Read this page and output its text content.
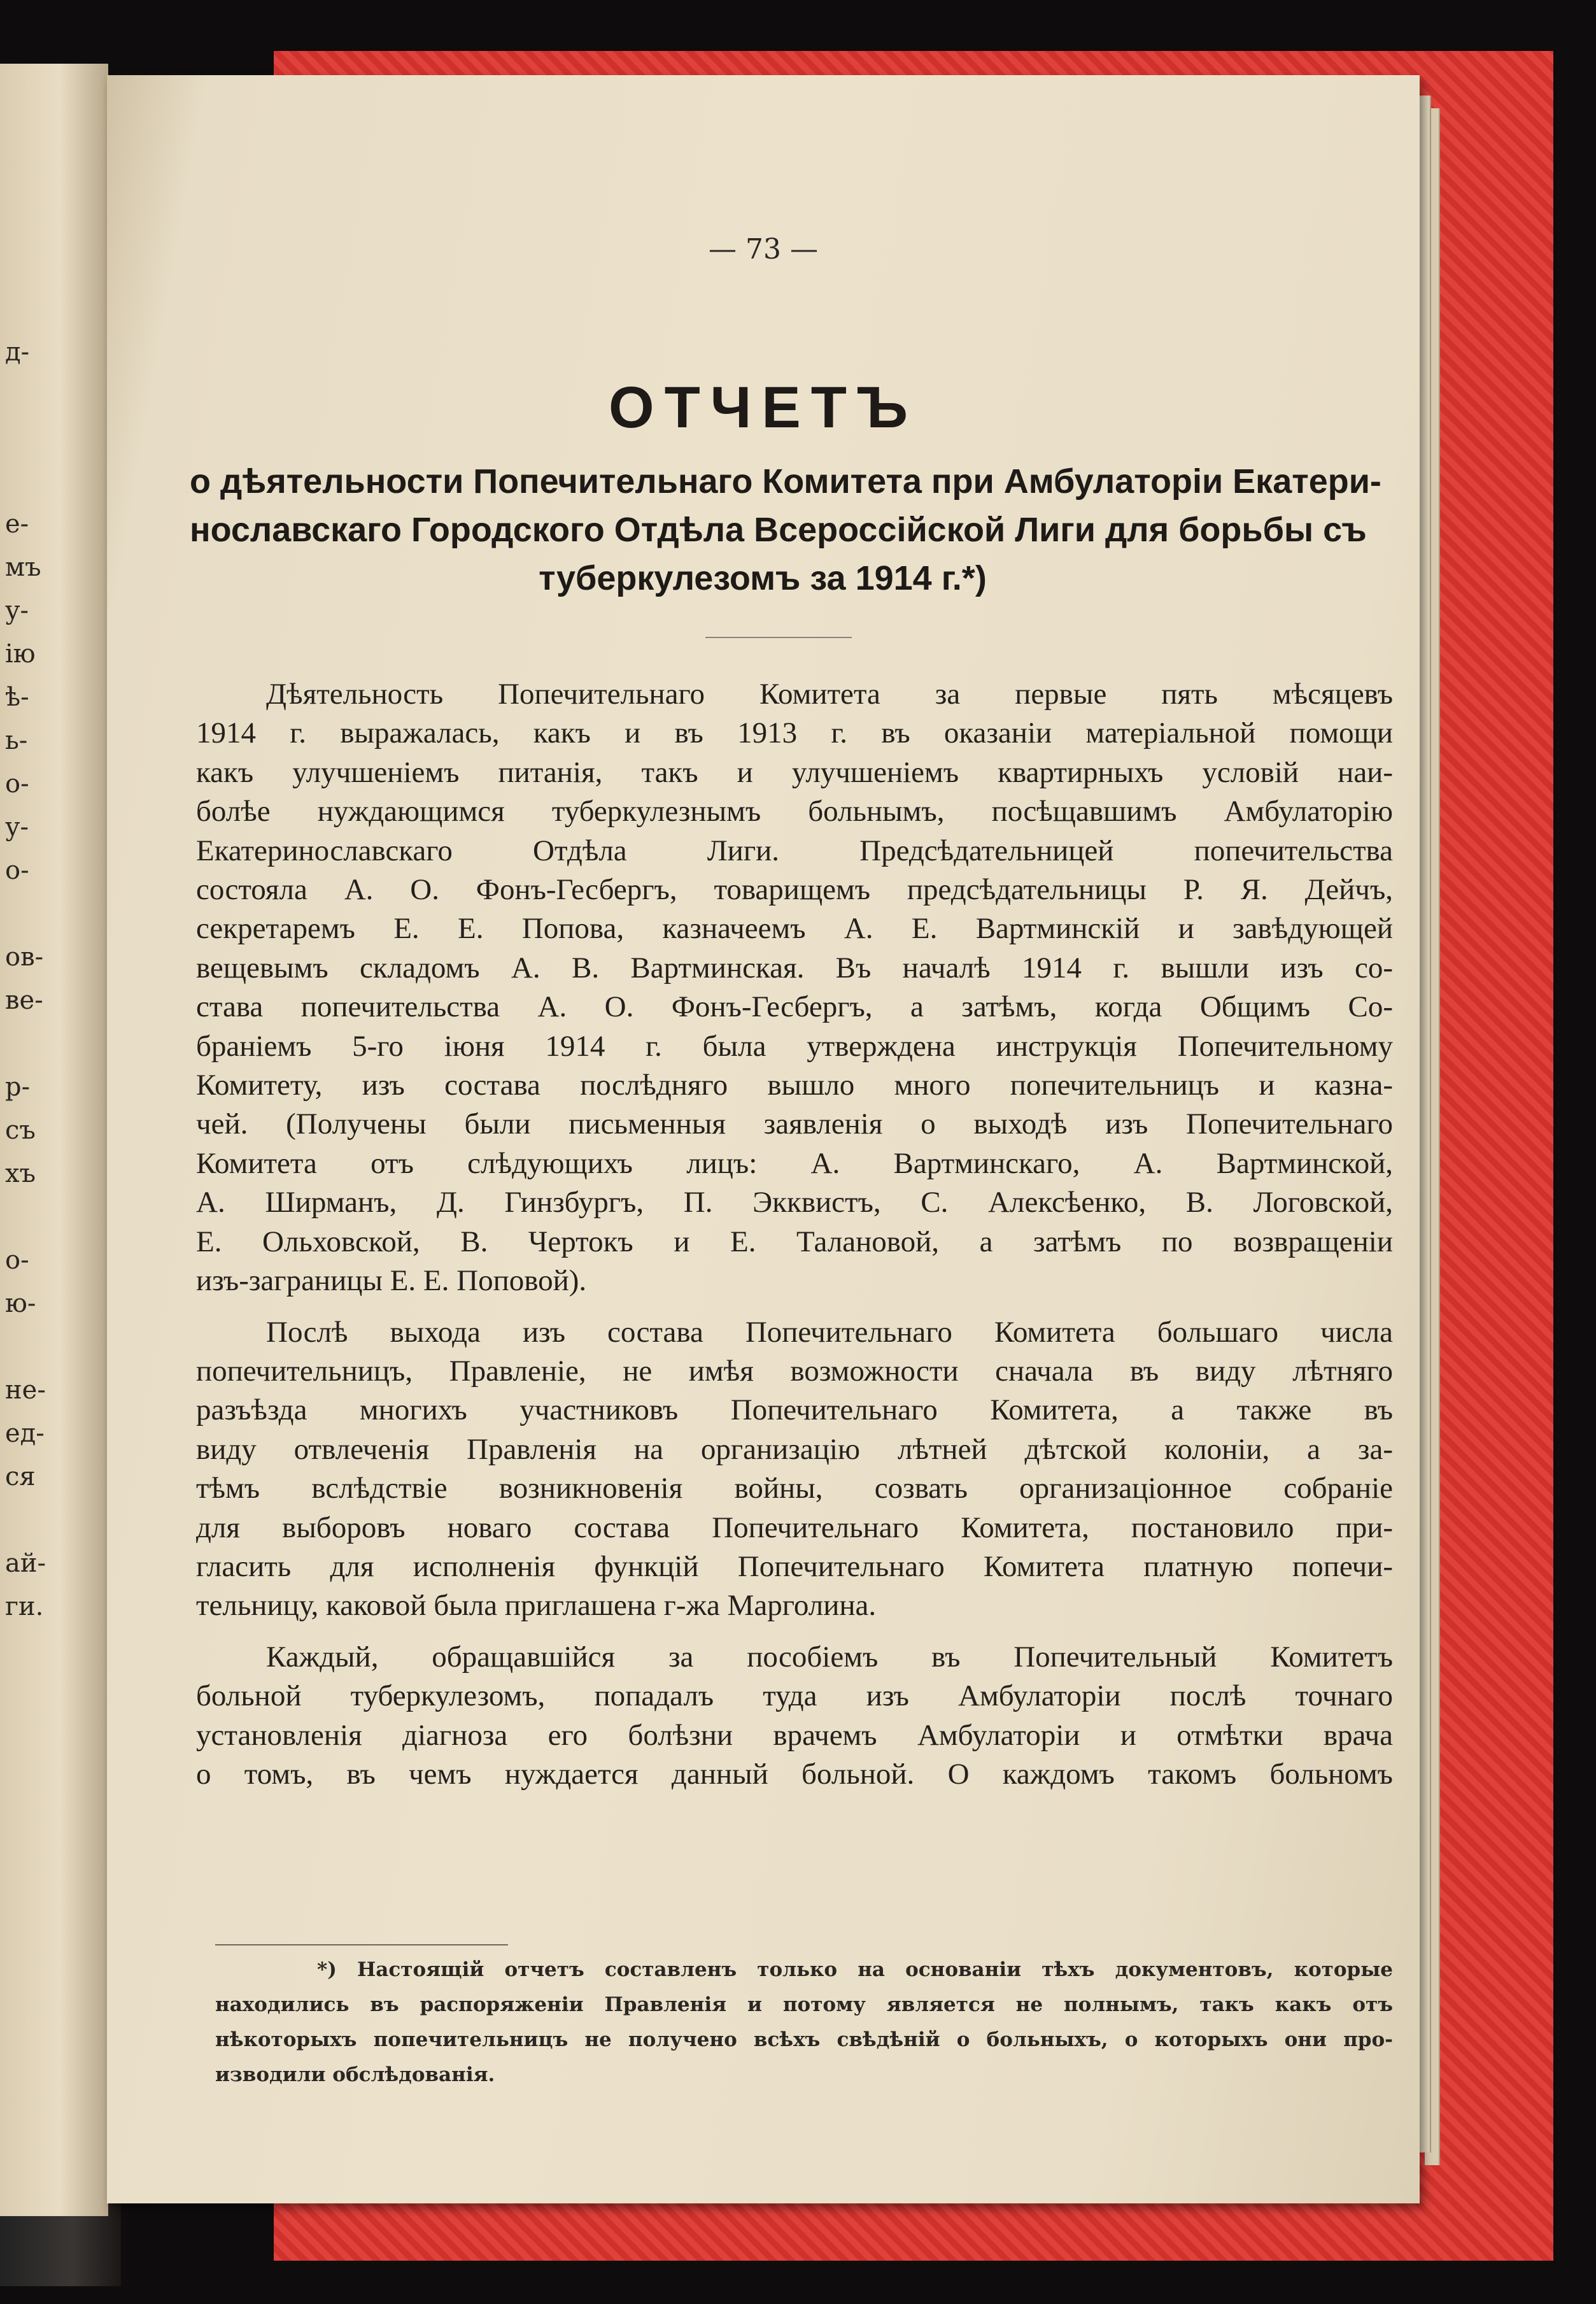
д-
е-
мъ
у-
ію
ѣ-
ь-
о-
у-
о-
ов-
ве-
р-
съ
хъ
о-
ю-
не-
ед-
ся
ай-
ги.
— 73 —
ОТЧЕТЪ
о дѣятельности Попечительнаго Комитета при Амбулаторіи Екатери-
нославскаго Городского Отдѣла Всероссійской Лиги для борьбы съ
туберкулезомъ за 1914 г.*)
Дѣятельность Попечительнаго Комитета за первые пять мѣсяцевъ
1914 г. выражалась, какъ и въ 1913 г. въ оказаніи матеріальной помощи
какъ улучшеніемъ питанія, такъ и улучшеніемъ квартирныхъ условій наи-
болѣе нуждающимся туберкулезнымъ больнымъ, посѣщавшимъ Амбулаторію
Екатеринославскаго Отдѣла Лиги. Предсѣдательницей попечительства
состояла А. О. Фонъ-Гесбергъ, товарищемъ предсѣдательницы Р. Я. Дейчъ,
секретаремъ Е. Е. Попова, казначеемъ А. Е. Вартминскій и завѣдующей
вещевымъ складомъ А. В. Вартминская. Въ началѣ 1914 г. вышли изъ со-
става попечительства А. О. Фонъ-Гесбергъ, а затѣмъ, когда Общимъ Со-
браніемъ 5-го іюня 1914 г. была утверждена инструкція Попечительному
Комитету, изъ состава послѣдняго вышло много попечительницъ и казна-
чей. (Получены были письменныя заявленія о выходѣ изъ Попечительнаго
Комитета отъ слѣдующихъ лицъ: А. Вартминскаго, А. Вартминской,
А. Ширманъ, Д. Гинзбургъ, П. Экквистъ, С. Алексѣенко, В. Логовской,
Е. Ольховской, В. Чертокъ и Е. Талановой, а затѣмъ по возвращеніи
изъ-заграницы Е. Е. Поповой).
Послѣ выхода изъ состава Попечительнаго Комитета большаго числа
попечительницъ, Правленіе, не имѣя возможности сначала въ виду лѣтняго
разъѣзда многихъ участниковъ Попечительнаго Комитета, а также въ
виду отвлеченія Правленія на организацію лѣтней дѣтской колоніи, а за-
тѣмъ вслѣдствіе возникновенія войны, созвать организаціонное собраніе
для выборовъ новаго состава Попечительнаго Комитета, постановило при-
гласить для исполненія функцій Попечительнаго Комитета платную попечи-
тельницу, каковой была приглашена г-жа Марголина.
Каждый, обращавшійся за пособіемъ въ Попечительный Комитетъ
больной туберкулезомъ, попадалъ туда изъ Амбулаторіи послѣ точнаго
установленія діагноза его болѣзни врачемъ Амбулаторіи и отмѣтки врача
о томъ, въ чемъ нуждается данный больной. О каждомъ такомъ больномъ
*) Настоящій отчетъ составленъ только на основаніи тѣхъ документовъ, которые
находились въ распоряженіи Правленія и потому является не полнымъ, такъ какъ отъ
нѣкоторыхъ попечительницъ не получено всѣхъ свѣдѣній о больныхъ, о которыхъ они про-
изводили обслѣдованія.
